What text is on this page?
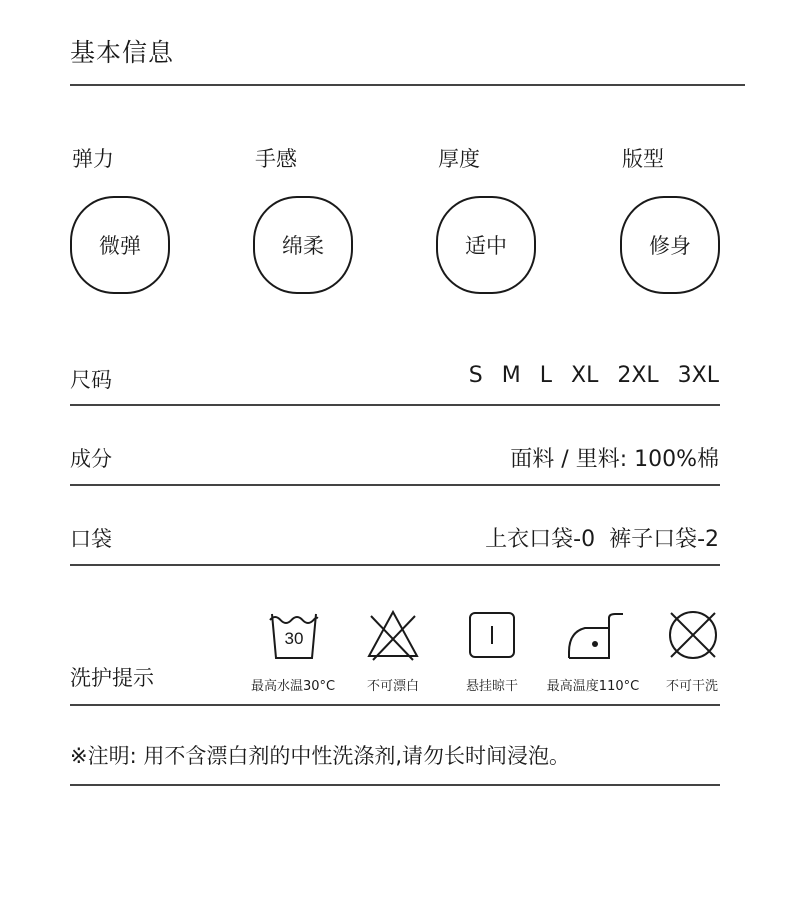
基本信息
弹力
微弹
手感
绵柔
厚度
适中
版型
修身
尺码	S M L XL 2XL 3XL
成分	面料 / 里料: 100%棉
口袋	上衣口袋-0  裤子口袋-2
洗护提示
30
最高水温30°C 不可漂白	悬挂晾干 最高温度110°C 不可干洗
※注明: 用不含漂白剂的中性洗涤剂,请勿长时间浸泡。
